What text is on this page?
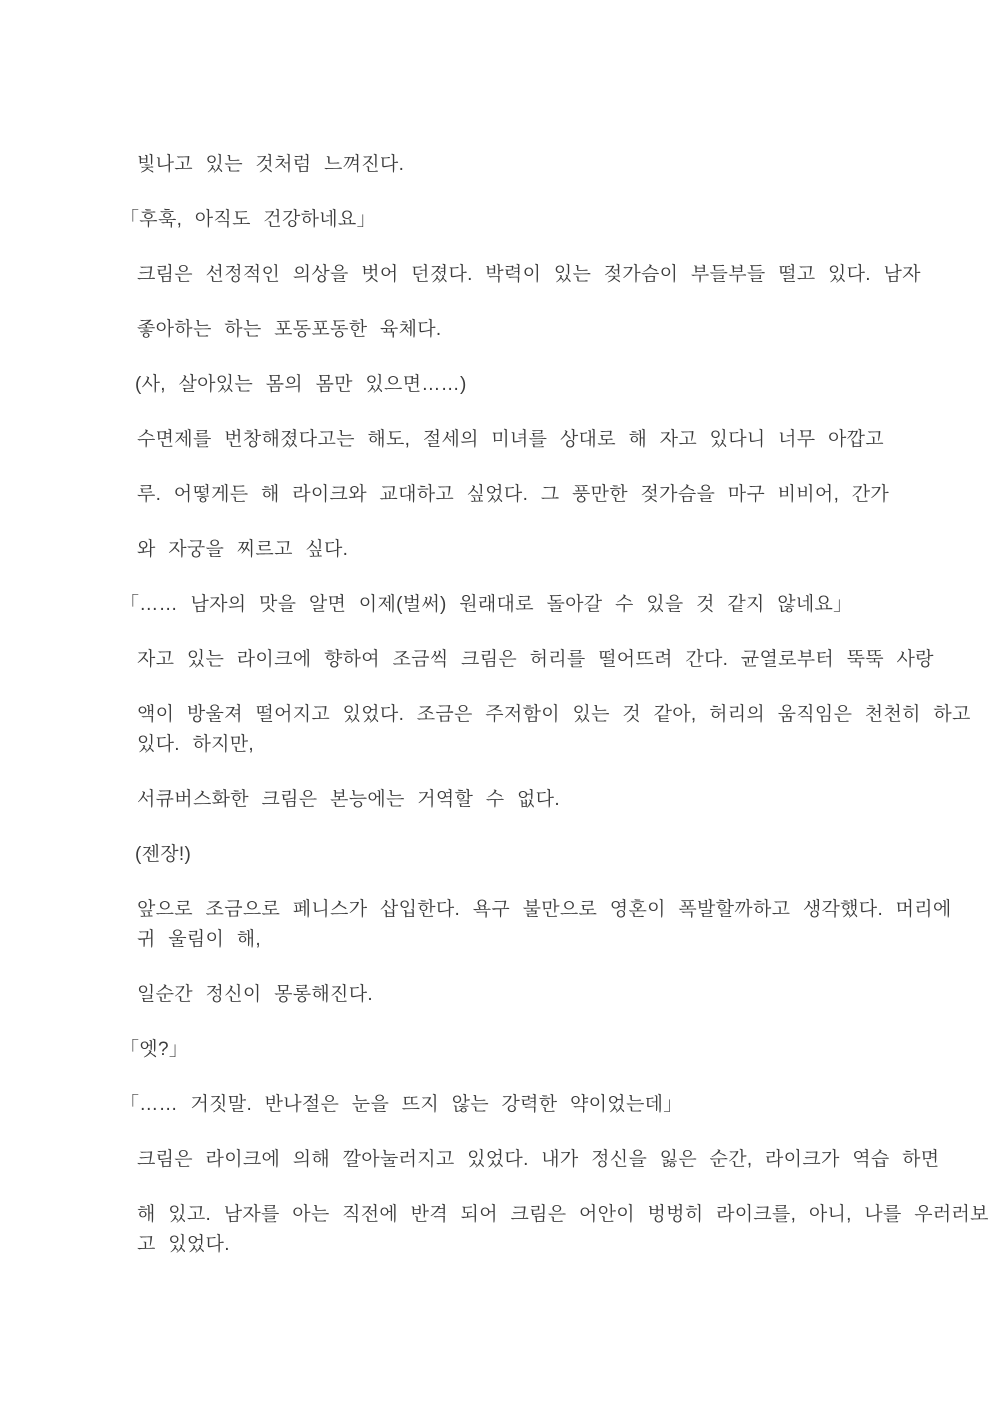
빛나고 있는 것처럼 느껴진다.
「후훅, 아직도 건강하네요」
크림은 선정적인 의상을 벗어 던졌다. 박력이 있는 젖가슴이 부들부들 떨고 있다. 남자
좋아하는 하는 포동포동한 육체다.
(사, 살아있는 몸의 몸만 있으면……)
수면제를 번창해졌다고는 해도, 절세의 미녀를 상대로 해 자고 있다니 너무 아깝고
루. 어떻게든 해 라이크와 교대하고 싶었다. 그 풍만한 젖가슴을 마구 비비어, 간가
와 자궁을 찌르고 싶다.
「…… 남자의 맛을 알면 이제(벌써) 원래대로 돌아갈 수 있을 것 같지 않네요」
자고 있는 라이크에 향하여 조금씩 크림은 허리를 떨어뜨려 간다. 균열로부터 뚝뚝 사랑
액이 방울져 떨어지고 있었다. 조금은 주저함이 있는 것 같아, 허리의 움직임은 천천히 하고
있다. 하지만,
서큐버스화한 크림은 본능에는 거역할 수 없다.
(젠장!)
앞으로 조금으로 페니스가 삽입한다. 욕구 불만으로 영혼이 폭발할까하고 생각했다. 머리에
귀 울림이 해,
일순간 정신이 몽롱해진다.
「엣?」
「…… 거짓말. 반나절은 눈을 뜨지 않는 강력한 약이었는데」
크림은 라이크에 의해 깔아눌러지고 있었다. 내가 정신을 잃은 순간, 라이크가 역습 하면
해 있고. 남자를 아는 직전에 반격 되어 크림은 어안이 벙벙히 라이크를, 아니, 나를 우러러보
고 있었다.
